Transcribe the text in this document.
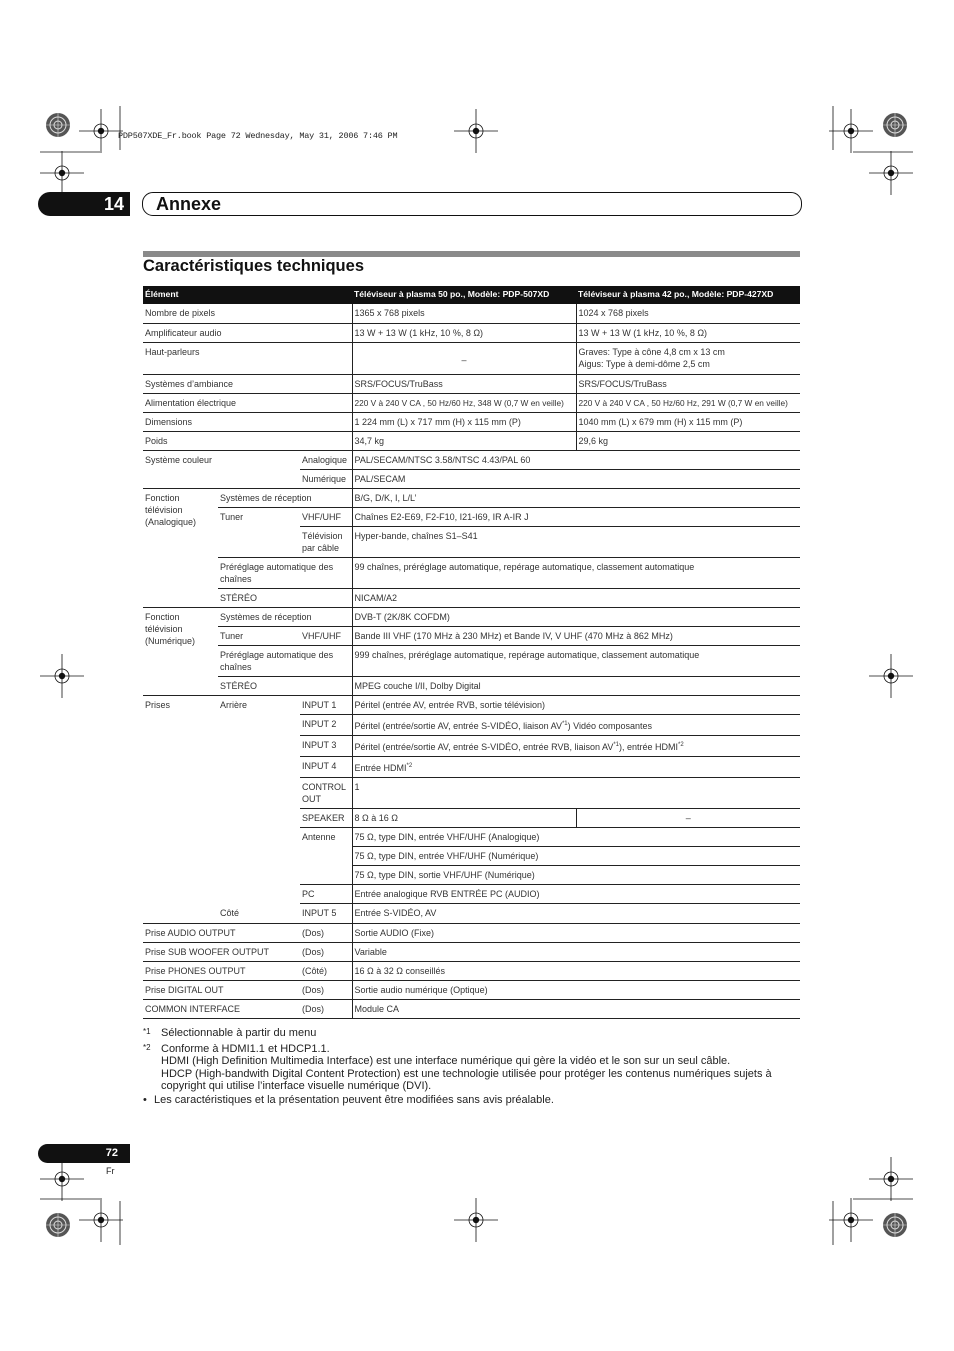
PDP507XDE_Fr.book Page 72 Wednesday, May 31, 2006 7:46 PM
14	Annexe
Caractéristiques techniques
Élément			Téléviseur à plasma 50 po., Modèle: PDP-507XD	Téléviseur à plasma 42 po., Modèle: PDP-427XD
Nombre de pixels			1365 x 768 pixels	1024 x 768 pixels
Amplificateur audio			13 W + 13 W (1 kHz, 10 %, 8 Ω)	13 W + 13 W (1 kHz, 10 %, 8 Ω)
Haut-parleurs			–	Graves: Type à cône 4,8 cm x 13 cm
Aigus: Type à demi-dôme 2,5 cm

Systèmes d’ambiance			SRS/FOCUS/TruBass	SRS/FOCUS/TruBass
Alimentation électrique			220 V à 240 V CA , 50 Hz/60 Hz, 348 W (0,7 W en veille)	220 V à 240 V CA , 50 Hz/60 Hz, 291 W (0,7 W en veille)
Dimensions			1 224 mm (L) x 717 mm (H) x 115 mm (P)	1040 mm (L) x 679 mm (H) x 115 mm (P)
Poids			34,7 kg	29,6 kg
Système couleur		Analogique	PAL/SECAM/NTSC 3.58/NTSC 4.43/PAL 60	
		Numérique	PAL/SECAM	
Fonction télévision (Analogique)	Systèmes de réception		B/G, D/K, I, L/L’	
	Tuner	VHF/UHF	Chaînes E2-E69, F2-F10, I21-I69, IR A-IR J	
		Télévision par câble	Hyper-bande, chaînes S1–S41	
	Préréglage automatique des chaînes		99 chaînes, préréglage automatique, repérage automatique, classement automatique	
	STÉRÉO		NICAM/A2	

Fonction télévision (Numérique)	Systèmes de réception		DVB-T (2K/8K COFDM)	
	Tuner	VHF/UHF	Bande III VHF (170 MHz à 230 MHz) et Bande IV, V UHF (470 MHz à 862 MHz)	
	Préréglage automatique des chaînes		999 chaînes, préréglage automatique, repérage automatique, classement automatique	
	STÉRÉO		MPEG couche I/II, Dolby Digital	
Prises	Arrière	INPUT 1	Péritel (entrée AV, entrée RVB, sortie télévision)	
		INPUT 2	Péritel (entrée/sortie AV, entrée S-VIDÉO, liaison AV$^{*1}$) Vidéo composantes	
		INPUT 3	Péritel (entrée/sortie AV, entrée S-VIDÉO, entrée RVB, liaison AV$^{*1}$), entrée HDMI$^{*2}$
		INPUT 4	Entrée HDMI$^{*2}$
		CONTROL OUT	1	
		SPEAKER	8 Ω à 16 Ω	–
		Antenne	75 Ω, type DIN, entrée VHF/UHF (Analogique)	
			75 Ω, type DIN, entrée VHF/UHF (Numérique)	
			75 Ω, type DIN, sortie VHF/UHF (Numérique)	
		PC	Entrée analogique RVB ENTRÉE PC (AUDIO)	

	Côté	INPUT 5	Entrée S-VIDÉO, AV	
Prise AUDIO OUTPUT		(Dos)	Sortie AUDIO (Fixe)	
Prise SUB WOOFER OUTPUT		(Dos)	Variable	
Prise PHONES OUTPUT		(Côté)	16 Ω à 32 Ω conseillés	
Prise DIGITAL OUT		(Dos)	Sortie audio numérique (Optique)	
COMMON INTERFACE		(Dos)	Module CA	
*1 Sélectionnable à partir du menu
*2 Conforme à HDMI1.1 et HDCP1.1.
HDMI (High Definition Multimedia Interface) est une interface numérique qui gère la vidéo et le son sur un seul câble.
HDCP (High-bandwith Digital Content Protection) est une technologie utilisée pour protéger les contenus numériques sujets à copyright qui utilise l’interface visuelle numérique (DVI).
• Les caractéristiques et la présentation peuvent être modifiées sans avis préalable.
72
Fr
